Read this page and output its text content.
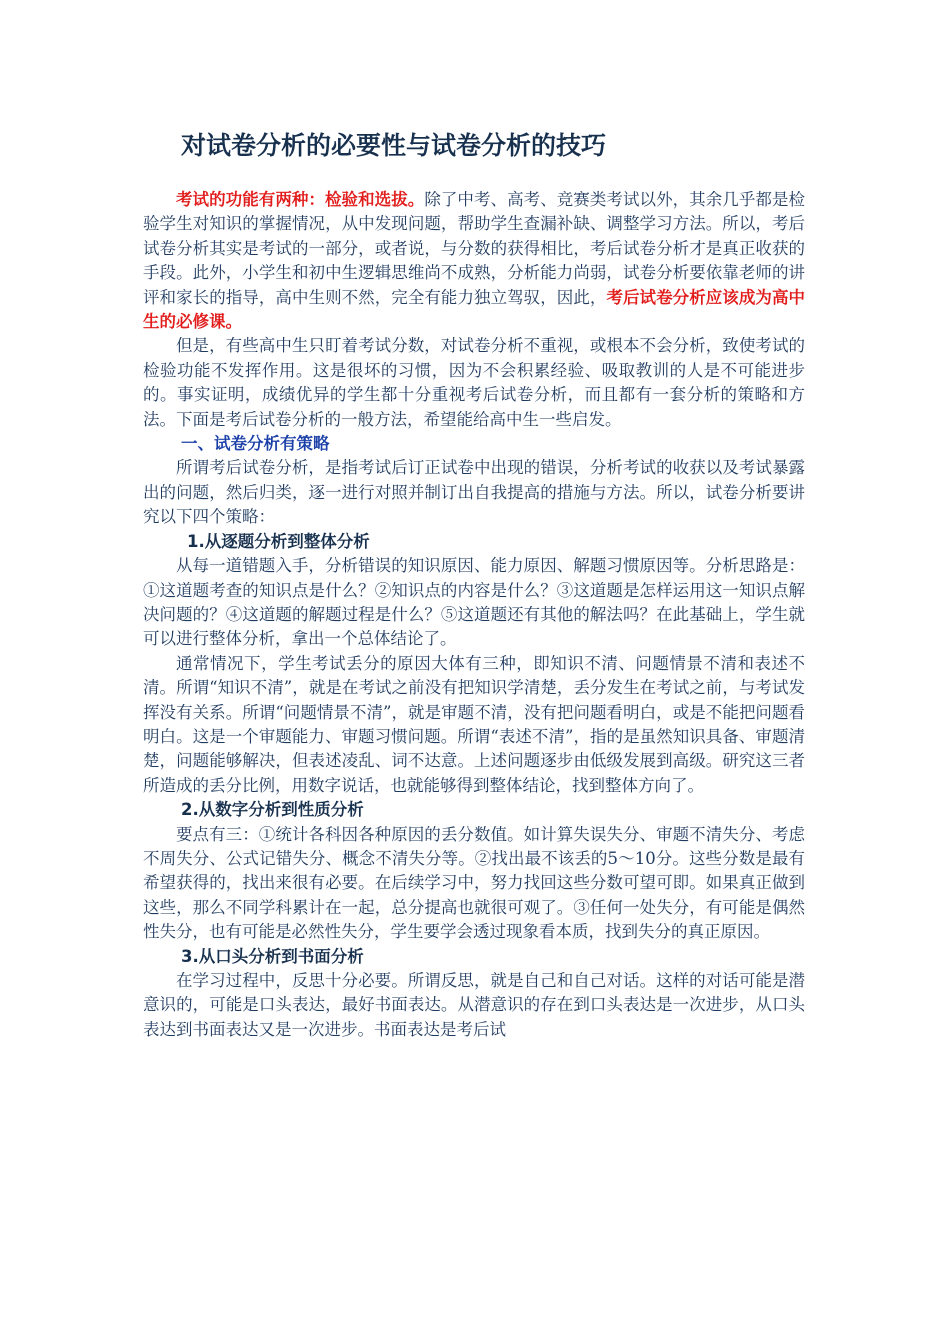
对试卷分析的必要性与试卷分析的技巧

考试的功能有两种：检验和选拔。除了中考、高考、竞赛类考试以外，其余几乎都是检验学生对知识的掌握情况，从中发现问题，帮助学生查漏补缺、调整学习方法。所以，考后试卷分析其实是考试的一部分，或者说，与分数的获得相比，考后试卷分析才是真正收获的手段。此外，小学生和初中生逻辑思维尚不成熟，分析能力尚弱，试卷分析要依靠老师的讲评和家长的指导，高中生则不然，完全有能力独立驾驭，因此，考后试卷分析应该成为高中生的必修课。

但是，有些高中生只盯着考试分数，对试卷分析不重视，或根本不会分析，致使考试的检验功能不发挥作用。这是很坏的习惯，因为不会积累经验、吸取教训的人是不可能进步的。事实证明，成绩优异的学生都十分重视考后试卷分析，而且都有一套分析的策略和方法。下面是考后试卷分析的一般方法，希望能给高中生一些启发。

一、试卷分析有策略

所谓考后试卷分析，是指考试后订正试卷中出现的错误，分析考试的收获以及考试暴露出的问题，然后归类，逐一进行对照并制订出自我提高的措施与方法。所以，试卷分析要讲究以下四个策略：

1.从逐题分析到整体分析

从每一道错题入手，分析错误的知识原因、能力原因、解题习惯原因等。分析思路是：①这道题考查的知识点是什么？②知识点的内容是什么？③这道题是怎样运用这一知识点解决问题的？④这道题的解题过程是什么？⑤这道题还有其他的解法吗？在此基础上，学生就可以进行整体分析，拿出一个总体结论了。

通常情况下，学生考试丢分的原因大体有三种，即知识不清、问题情景不清和表述不清。所谓“知识不清”，就是在考试之前没有把知识学清楚，丢分发生在考试之前，与考试发挥没有关系。所谓“问题情景不清”，就是审题不清，没有把问题看明白，或是不能把问题看明白。这是一个审题能力、审题习惯问题。所谓“表述不清”，指的是虽然知识具备、审题清楚，问题能够解决，但表述凌乱、词不达意。上述问题逐步由低级发展到高级。研究这三者所造成的丢分比例，用数字说话，也就能够得到整体结论，找到整体方向了。

2.从数字分析到性质分析

要点有三：①统计各科因各种原因的丢分数值。如计算失误失分、审题不清失分、考虑不周失分、公式记错失分、概念不清失分等。②找出最不该丢的5～10分。这些分数是最有希望获得的，找出来很有必要。在后续学习中，努力找回这些分数可望可即。如果真正做到这些，那么不同学科累计在一起，总分提高也就很可观了。③任何一处失分，有可能是偶然性失分，也有可能是必然性失分，学生要学会透过现象看本质，找到失分的真正原因。

3.从口头分析到书面分析

在学习过程中，反思十分必要。所谓反思，就是自己和自己对话。这样的对话可能是潜意识的，可能是口头表达，最好书面表达。从潜意识的存在到口头表达是一次进步，从口头表达到书面表达又是一次进步。书面表达是考后试
